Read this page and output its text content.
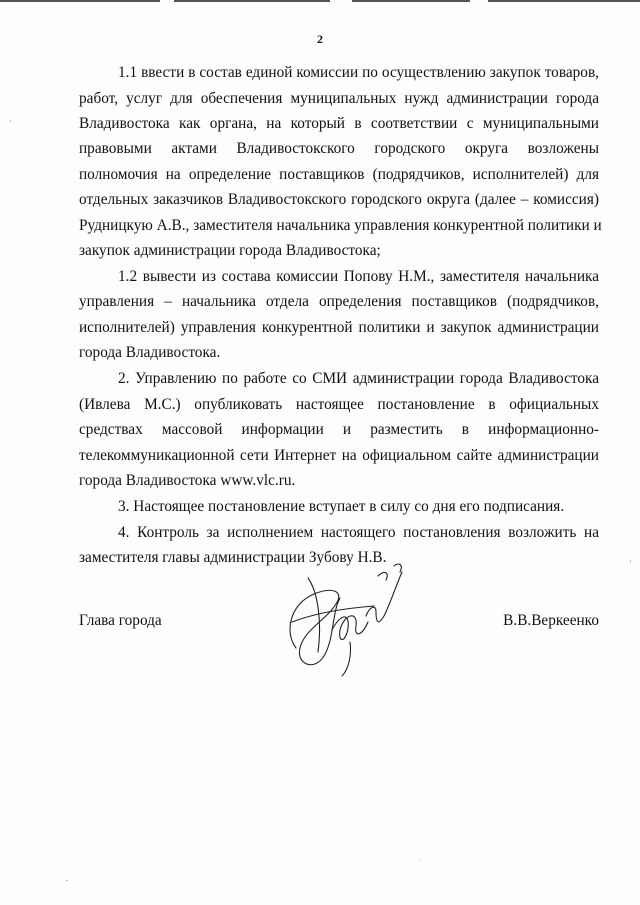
2
1.1 ввести в состав единой комиссии по осуществлению закупок товаров,
работ, услуг для обеспечения муниципальных нужд администрации города
Владивостока как органа, на который в соответствии с муниципальными
правовыми актами Владивостокского городского округа возложены
полномочия на определение поставщиков (подрядчиков, исполнителей) для
отдельных заказчиков Владивостокского городского округа (далее – комиссия)
Рудницкую А.В., заместителя начальника управления конкурентной политики и
закупок администрации города Владивостока;
1.2 вывести из состава комиссии Попову Н.М., заместителя начальника
управления – начальника отдела определения поставщиков (подрядчиков,
исполнителей) управления конкурентной политики и закупок администрации
города Владивостока.
2. Управлению по работе со СМИ администрации города Владивостока
(Ивлева М.С.) опубликовать настоящее постановление в официальных
средствах массовой информации и разместить в информационно-
телекоммуникационной сети Интернет на официальном сайте администрации
города Владивостока www.vlc.ru.
3. Настоящее постановление вступает в силу со дня его подписания.
4. Контроль за исполнением настоящего постановления возложить на
заместителя главы администрации Зубову Н.В.
Глава города	В.В.Веркеенко
